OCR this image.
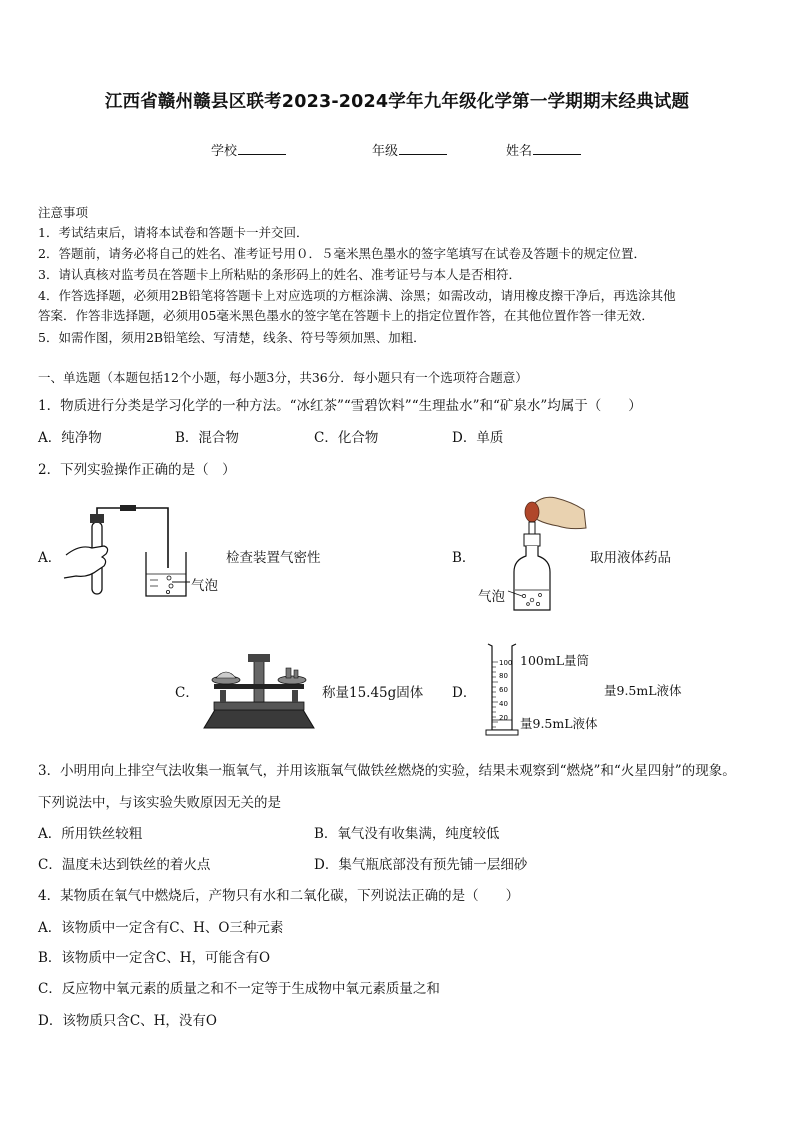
江西省赣州赣县区联考2023-2024学年九年级化学第一学期期末经典试题
学校	年级	姓名
注意事项
1．考试结束后，请将本试卷和答题卡一并交回．
2．答题前，请务必将自己的姓名、准考证号用０．５毫米黑色墨水的签字笔填写在试卷及答题卡的规定位置．
3．请认真核对监考员在答题卡上所粘贴的条形码上的姓名、准考证号与本人是否相符．
4．作答选择题，必须用2B铅笔将答题卡上对应选项的方框涂满、涂黑；如需改动，请用橡皮擦干净后，再选涂其他
答案．作答非选择题，必须用05毫米黑色墨水的签字笔在答题卡上的指定位置作答，在其他位置作答一律无效．
5．如需作图，须用2B铅笔绘、写清楚，线条、符号等须加黑、加粗．
一、单选题（本题包括12个小题，每小题3分，共36分．每小题只有一个选项符合题意）
1．物质进行分类是学习化学的一种方法。“冰红茶”“雪碧饮料”“生理盐水”和“矿泉水”均属于（　　）
A．纯净物	B．混合物	C．化合物	D．单质
2．下列实验操作正确的是（　）
A．
气泡
检查装置气密性	B．
气泡
取用液体药品
C．	称量15.45g固体 D．
100
80
60
40
20
100mL量筒
量9.5mL液体
量9.5mL液体
3．小明用向上排空气法收集一瓶氧气，并用该瓶氧气做铁丝燃烧的实验，结果未观察到“燃烧”和“火星四射”的现象。
下列说法中，与该实验失败原因无关的是
A．所用铁丝较粗	B．氧气没有收集满，纯度较低
C．温度未达到铁丝的着火点	D．集气瓶底部没有预先铺一层细砂
4．某物质在氧气中燃烧后，产物只有水和二氧化碳，下列说法正确的是（　　）
A．该物质中一定含有C、H、O三种元素
B．该物质中一定含C、H，可能含有O
C．反应物中氧元素的质量之和不一定等于生成物中氧元素质量之和
D．该物质只含C、H，没有O
